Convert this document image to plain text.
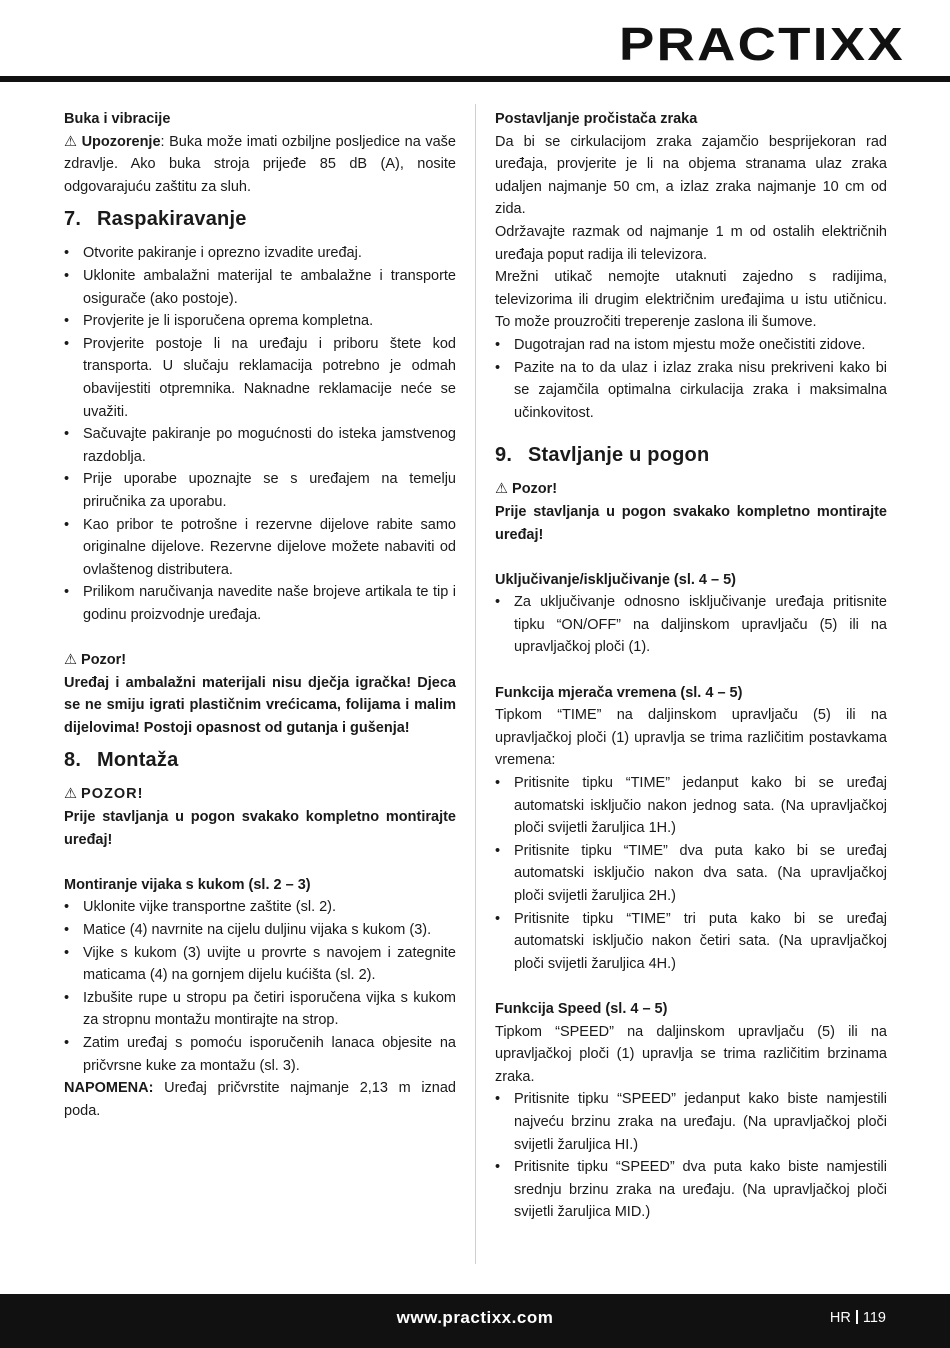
PRACTIXX

Buka i vibracije

⚠ Upozorenje: Buka može imati ozbiljne posljedice na vaše zdravlje. Ako buka stroja prijeđe 85 dB (A), nosite odgovarajuću zaštitu za sluh.

7. Raspakiravanje
• Otvorite pakiranje i oprezno izvadite uređaj.
• Uklonite ambalažni materijal te ambalažne i transporte osigurače (ako postoje).
• Provjerite je li isporučena oprema kompletna.
• Provjerite postoje li na uređaju i priboru štete kod transporta. U slučaju reklamacija potrebno je odmah obavijestiti otpremnika. Naknadne reklamacije neće se uvažiti.
• Sačuvajte pakiranje po mogućnosti do isteka jamstvenog razdoblja.
• Prije uporabe upoznajte se s uređajem na temelju priručnika za uporabu.
• Kao pribor te potrošne i rezervne dijelove rabite samo originalne dijelove. Rezervne dijelove možete nabaviti od ovlaštenog distributera.
• Prilikom naručivanja navedite naše brojeve artikala te tip i godinu proizvodnje uređaja.

⚠ Pozor!

Uređaj i ambalažni materijali nisu dječja igračka! Djeca se ne smiju igrati plastičnim vrećicama, folijama i malim dijelovima! Postoji opasnost od gutanja i gušenja!

8. Montaža

⚠ POZOR!

Prije stavljanja u pogon svakako kompletno montirajte uređaj!

Montiranje vijaka s kukom (sl. 2 – 3)

• Uklonite vijke transportne zaštite (sl. 2).
• Matice (4) navrnite na cijelu duljinu vijaka s kukom (3).
• Vijke s kukom (3) uvijte u provrte s navojem i zategnite maticama (4) na gornjem dijelu kućišta (sl. 2).
• Izbušite rupe u stropu pa četiri isporučena vijka s kukom za stropnu montažu montirajte na strop.
• Zatim uređaj s pomoću isporučenih lanaca objesite na pričvrsne kuke za montažu (sl. 3).

NAPOMENA: Uređaj pričvrstite najmanje 2,13 m iznad poda.

Postavljanje pročistača zraka

Da bi se cirkulacijom zraka zajamčio besprijekoran rad uređaja, provjerite je li na objema stranama ulaz zraka udaljen najmanje 50 cm, a izlaz zraka najmanje 10 cm od zida.

Održavajte razmak od najmanje 1 m od ostalih električnih uređaja poput radija ili televizora.

Mrežni utikač nemojte utaknuti zajedno s radijima, televizorima ili drugim električnim uređajima u istu utičnicu. To može prouzročiti treperenje zaslona ili šumove.

• Dugotrajan rad na istom mjestu može onečistiti zidove.
• Pazite na to da ulaz i izlaz zraka nisu prekriveni kako bi se zajamčila optimalna cirkulacija zraka i maksimalna učinkovitost.
9. Stavljanje u pogon

⚠ Pozor!

Prije stavljanja u pogon svakako kompletno montirajte uređaj!

Uključivanje/isključivanje (sl. 4 – 5)

• Za uključivanje odnosno isključivanje uređaja pritisnite tipku “ON/OFF” na daljinskom upravljaču (5) ili na upravljačkoj ploči (1).

Funkcija mjerača vremena (sl. 4 – 5)

Tipkom “TIME” na daljinskom upravljaču (5) ili na upravljačkoj ploči (1) upravlja se trima različitim postavkama vremena:

• Pritisnite tipku “TIME” jedanput kako bi se uređaj automatski isključio nakon jednog sata. (Na upravljačkoj ploči svijetli žaruljica 1H.)
• Pritisnite tipku “TIME” dva puta kako bi se uređaj automatski isključio nakon dva sata. (Na upravljačkoj ploči svijetli žaruljica 2H.)
• Pritisnite tipku “TIME” tri puta kako bi se uređaj automatski isključio nakon četiri sata. (Na upravljačkoj ploči svijetli žaruljica 4H.)

Funkcija Speed (sl. 4 – 5)

Tipkom “SPEED” na daljinskom upravljaču (5) ili na upravljačkoj ploči (1) upravlja se trima različitim brzinama zraka.

• Pritisnite tipku “SPEED” jedanput kako biste namjestili najveću brzinu zraka na uređaju. (Na upravljačkoj ploči svijetli žaruljica HI.)
• Pritisnite tipku “SPEED” dva puta kako biste namjestili srednju brzinu zraka na uređaju. (Na upravljačkoj ploči svijetli žaruljica MID.)
www.practixx.com	HR 119
